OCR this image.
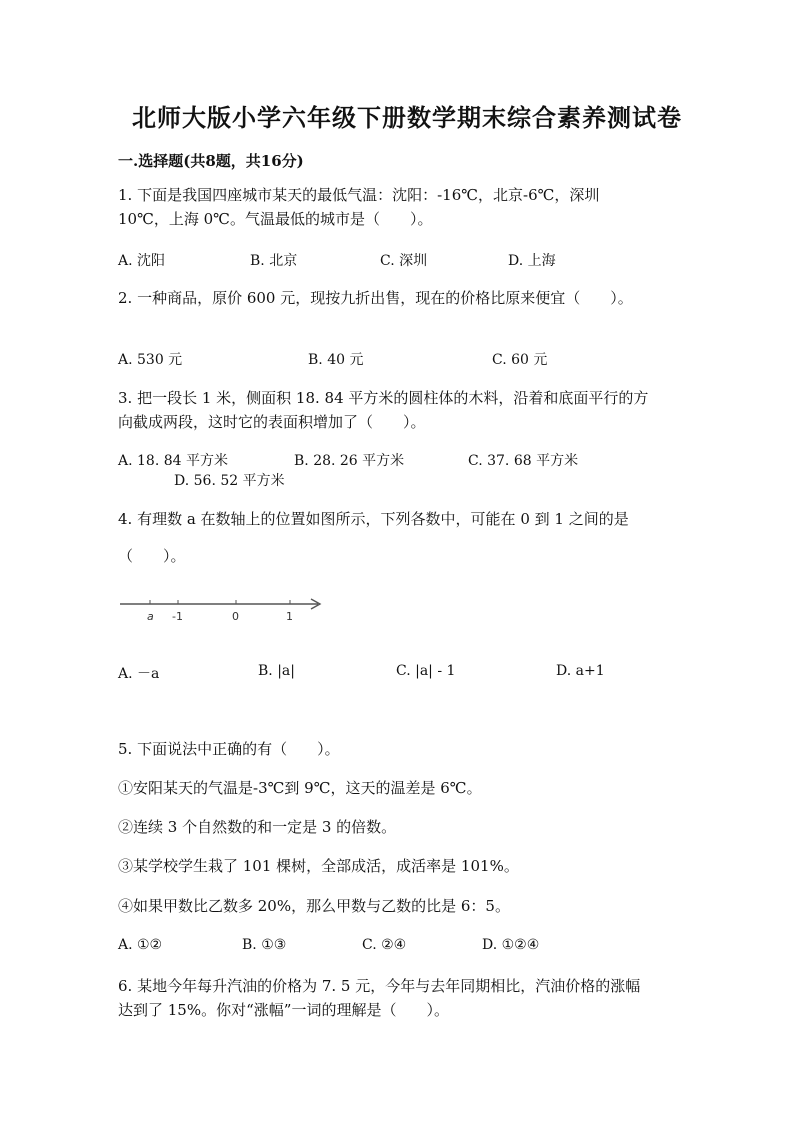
北师大版小学六年级下册数学期末综合素养测试卷
一.选择题(共8题，共16分)
1. 下面是我国四座城市某天的最低气温：沈阳：-16℃，北京-6℃，深圳
10℃，上海 0℃。气温最低的城市是（　　）。
A. 沈阳	B. 北京	C. 深圳	D. 上海
2. 一种商品，原价 600 元，现按九折出售，现在的价格比原来便宜（　　）。
A. 530 元	B. 40 元	C. 60 元
3. 把一段长 1 米，侧面积 18. 84 平方米的圆柱体的木料，沿着和底面平行的方
向截成两段，这时它的表面积增加了（　　）。
A. 18. 84 平方米	B. 28. 26 平方米	C. 37. 68 平方米
D. 56. 52 平方米
4. 有理数 a 在数轴上的位置如图所示，下列各数中，可能在 0 到 1 之间的是
（　　）。
a -1	0	1
A. －a	B. |a|	C. |a| - 1	D. a+1
5. 下面说法中正确的有（　　）。
①安阳某天的气温是-3℃到 9℃，这天的温差是 6℃。
②连续 3 个自然数的和一定是 3 的倍数。
③某学校学生栽了 101 棵树，全部成活，成活率是 101%。
④如果甲数比乙数多 20%，那么甲数与乙数的比是 6：5。
A. ①②	B. ①③	C. ②④	D. ①②④
6. 某地今年每升汽油的价格为 7. 5 元，今年与去年同期相比，汽油价格的涨幅
达到了 15%。你对“涨幅”一词的理解是（　　）。
